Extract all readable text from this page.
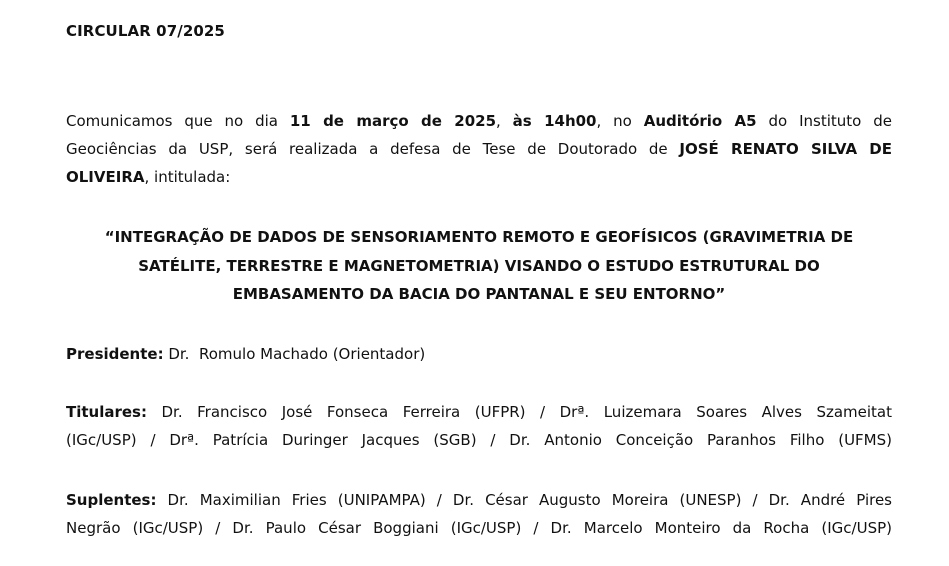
CIRCULAR 07/2025
Comunicamos que no dia 11 de março de 2025, às 14h00, no Auditório A5 do Instituto de
Geociências da USP, será realizada a defesa de Tese de Doutorado de JOSÉ RENATO SILVA DE
OLIVEIRA, intitulada:
“INTEGRAÇÃO DE DADOS DE SENSORIAMENTO REMOTO E GEOFÍSICOS (GRAVIMETRIA DE
SATÉLITE, TERRESTRE E MAGNETOMETRIA) VISANDO O ESTUDO ESTRUTURAL DO
EMBASAMENTO DA BACIA DO PANTANAL E SEU ENTORNO”
Presidente: Dr.  Romulo Machado (Orientador)
Titulares: Dr. Francisco José Fonseca Ferreira (UFPR) / Drª. Luizemara Soares Alves Szameitat
(IGc/USP) / Drª. Patrícia Duringer Jacques (SGB) / Dr. Antonio Conceição Paranhos Filho (UFMS)
Suplentes: Dr. Maximilian Fries (UNIPAMPA) / Dr. César Augusto Moreira (UNESP) / Dr. André Pires
Negrão (IGc/USP) / Dr. Paulo César Boggiani (IGc/USP) / Dr. Marcelo Monteiro da Rocha (IGc/USP)
